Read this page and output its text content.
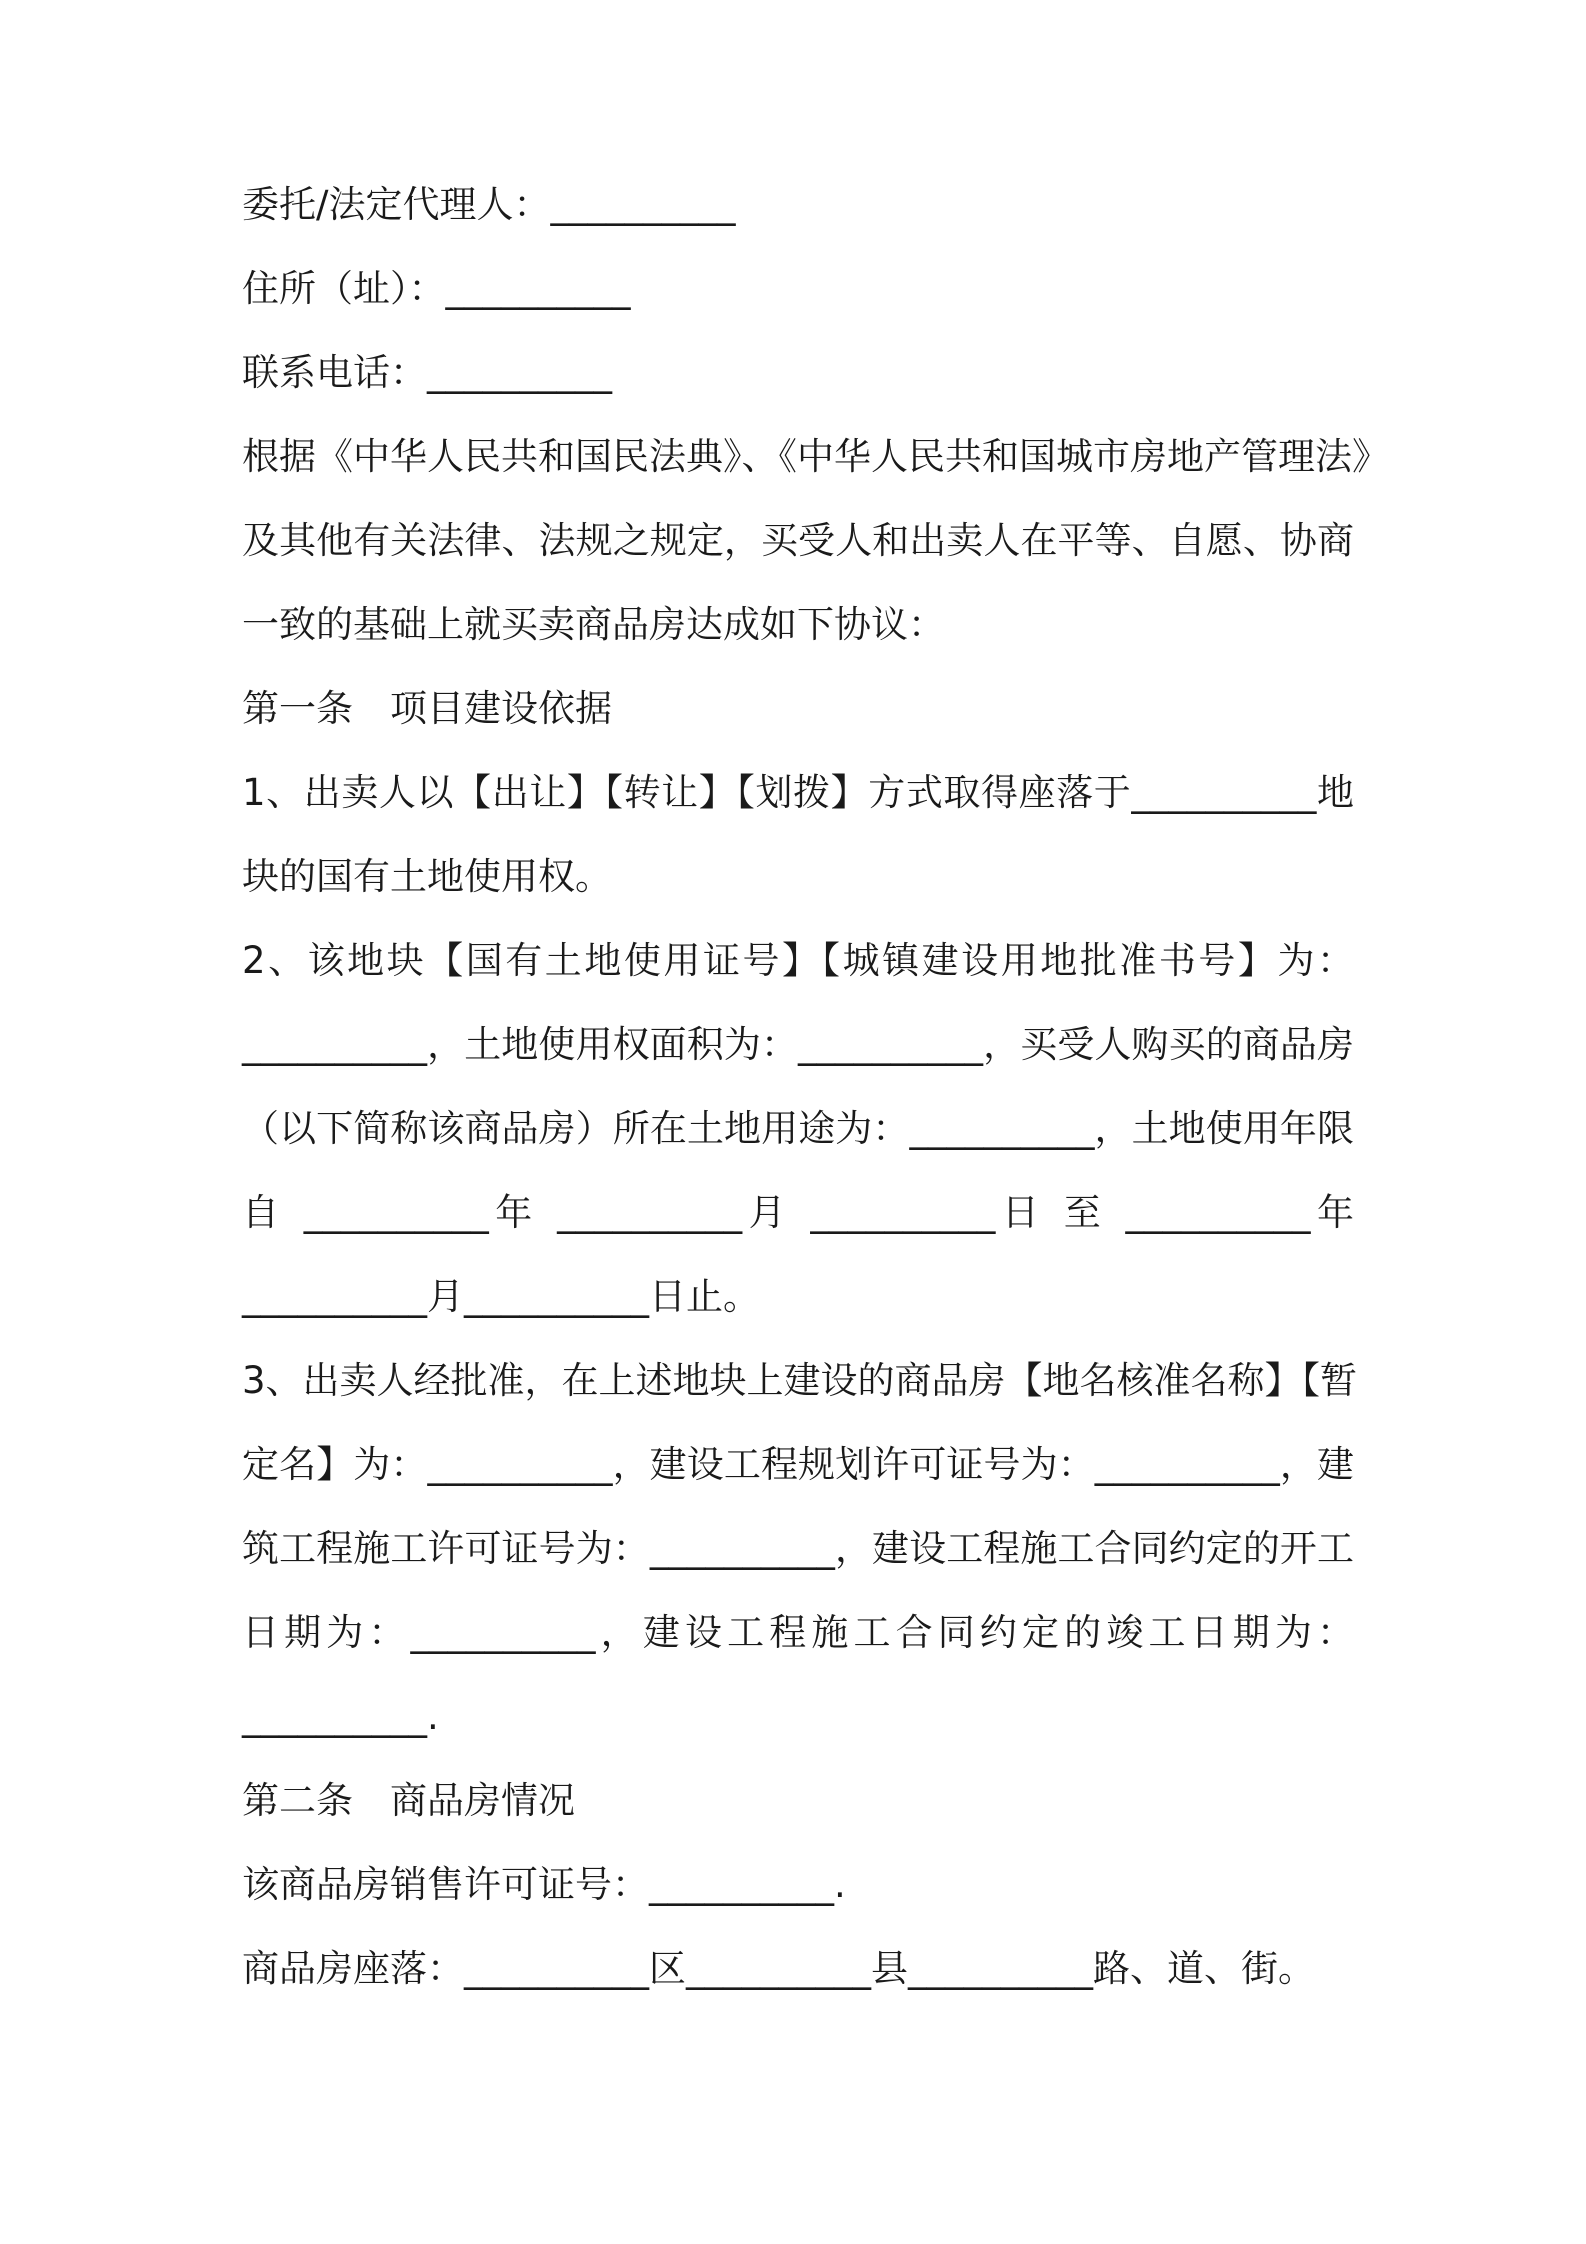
委托/法定代理人：__________
住所（址）：__________
联系电话：__________
根据《中华人民共和国民法典》、《中华人民共和国城市房地产管理法》
及其他有关法律、法规之规定，买受人和出卖人在平等、自愿、协商
一致的基础上就买卖商品房达成如下协议：
第一条　项目建设依据
1、出卖人以【出让】【转让】【划拨】方式取得座落于__________地
块的国有土地使用权。
2、该地块【国有土地使用证号】【城镇建设用地批准书号】为：
__________，土地使用权面积为：__________，买受人购买的商品房
（以下简称该商品房）所在土地用途为：__________，土地使用年限
自 __________年 __________月 __________日 至 __________年
__________月__________日止。
3、出卖人经批准，在上述地块上建设的商品房【地名核准名称】【暂
定名】为：__________，建设工程规划许可证号为：__________，建
筑工程施工许可证号为：__________，建设工程施工合同约定的开工
日期为：__________，建设工程施工合同约定的竣工日期为：
__________.
第二条　商品房情况
该商品房销售许可证号：__________.
商品房座落：__________区__________县__________路、道、街。
